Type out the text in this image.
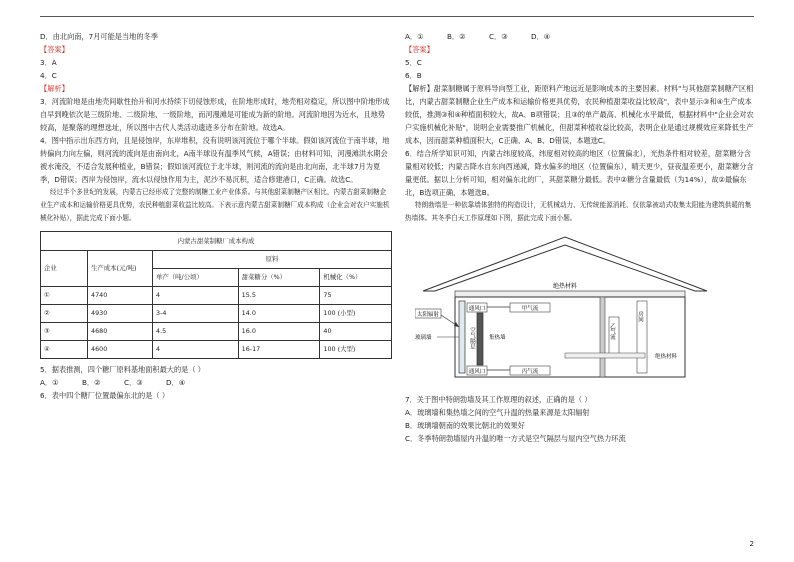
D．由北向南，7月可能是当地的冬季

【答案】

3．A

4．C

【解析】

3．河流阶地是由地壳间歇性抬升和河水持续下切侵蚀形成，在阶地形成时，地壳相对稳定，所以图中阶地形成自早到晚依次是三级阶地、二级阶地、一级阶地，而河漫滩是可能成为新的阶地。河流阶地因为近水，且地势较高，是聚落的理想选址，所以图中古代人类活动遗迹多分布在阶地。故选A。

4．图中指示出东西方向，且是侵蚀岸，东岸堆积，没有说明该河流位于哪个半球。假如该河流位于南半球，地转偏向力向左偏，则河流的流向是由南向北，A南半球设有温季风气候，A错误；由材料可知，河漫滩洪水期会被水淹没，不适合发展种植业，B错误；假如该河流位于北半球，则河流的流向是由北向南，北半球7月为夏季，D错误；西岸为侵蚀岸，流水以侵蚀作用为主，泥沙不易沉积，适合修建港口，C正确。故选C。

经过半个多世纪的发展，内蒙古已经形成了完整的制糖工业产业体系。与其他甜菜制糖产区相比，内蒙古甜菜制糖企业生产成本和运输价格更具优势，农民种植甜菜收益比较高。下表示意内蒙古甜菜制糖厂成本构成（企业会对农户实施机械化补贴），据此完成下面小题。

内蒙古甜菜制糖厂成本构成				
企业	生产成本(元/吨)	原料		
		单产（吨/公顷）	甜菜糖分（%）	机械化（%）
①	4740	4	15.5	75
②	4930	3-4	14.0	100 (小型)
③	4680	4.5	16.0	40
④	4600	4	16-17	100 (大型)

5．据表推测，四个糖厂原料基地面积最大的是（ ）

A．①	B．②	C．③	D．④

6．表中四个糖厂位置最偏东北的是（ ）

A．①	B．②	C．③	D．④

【答案】

5．C

6．B

【解析】甜菜制糖属于原料导向型工业，距原料产地远近是影响成本的主要因素。材料"与其他甜菜制糖产区相比，内蒙古甜菜制糖企业生产成本和运输价格更具优势，农民种植甜菜收益比较高"，表中显示③和④生产成本较低，推测③和④种植面积较大，故A、B项错误；且③的单产最高、机械化水平最低，根据材料中"企业会对农户实施机械化补贴"，说明企业需要推广机械化，但甜菜种植收益比较高，表明企业是通过规模效应来降低生产成本，因而甜菜种植面积大，C正确、A、B、D错误，本题选C。

6．结合所学知识可知，内蒙古纬度较高，纬度相对较高的地区（位置偏北），光热条件相对较差，甜菜糖分含量相对较低；内蒙古降水自东向西递减，降水偏多的地区（位置偏东），晴天更少，昼夜温差更小，甜菜糖分含量更低。据以上分析可知，相对偏东北的厂，其甜菜糖分最低。表中②糖分含量最低（为14%），故②最偏东北，B选项正确，本题选B。

特朗勃墙是一种依靠墙体独特的构造设计，无机械动力、无传统能源消耗、仅依靠被动式收集太阳能为建筑供暖的集热墙体。其冬季白天工作原理如下图，据此完成下面小题。

绝热材料
通风口
通风口
空气隔层	集热墙
甲气流
丙气流
乙气流
房间
绝热材料
太阳辐射
玻璃墙

7．关于图中特朗勃墙及其工作原理的叙述，正确的是（ ）

A．玻璃墙和集热墙之间的空气升温的热量来源是太阳辐射

B．玻璃墙朝南的效果比朝北的效果好

C．冬季特朗勃墙屋内升温的唯一方式是空气隔层与屋内空气热力环流

2
